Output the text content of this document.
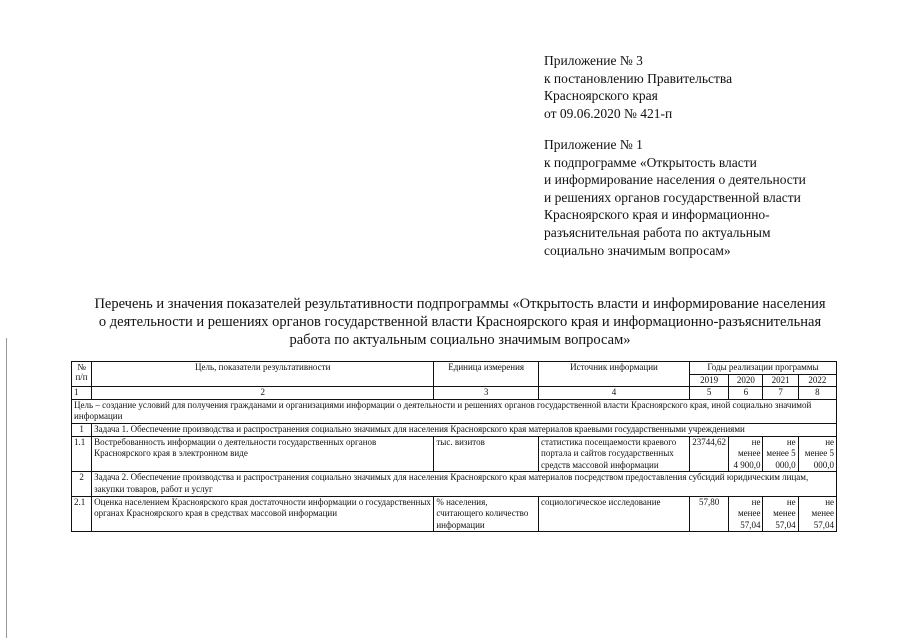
Приложение № 3
к постановлению Правительства
Красноярского края
от 09.06.2020 № 421-п
Приложение № 1
к подпрограмме «Открытость власти
и информирование населения о деятельности
и решениях органов государственной власти
Красноярского края и информационно-
разъяснительная работа по актуальным
социально значимым вопросам»
Перечень и значения показателей результативности подпрограммы «Открытость власти и информирование населения
о деятельности и решениях органов государственной власти Красноярского края и информационно-разъяснительная
работа по актуальным социально значимым вопросам»
№ п/п	Цель, показатели результативности	Единица измерения	Источник информации	Годы реализации программы			
				2019	2020	2021	2022
1	2	3	4	5	6	7	8
Цель – создание условий для получения гражданами и организациями информации о деятельности и решениях органов государственной власти Красноярского края, иной социально значимой информации							
1	Задача 1. Обеспечение производства и распространения социально значимых для населения Красноярского края материалов краевыми государственными учреждениями						
1.1	Востребованность информации о деятельности государственных органов Красноярского края в электронном виде	тыс. визитов	статистика посещаемости краевого портала и сайтов государственных средств массовой информации	23744,62	не менее 4 900,0	не менее 5 000,0	не менее 5 000,0
2	Задача 2. Обеспечение производства и распространения социально значимых для населения Красноярского края материалов посредством предоставления субсидий юридическим лицам, закупки товаров, работ и услуг						
2.1	Оценка населением Красноярского края достаточности информации о государственных органах Красноярского края в средствах массовой информации	% населения, считающего количество информации	социологическое исследование	57,80	не менее 57,04	не менее 57,04	не менее 57,04
